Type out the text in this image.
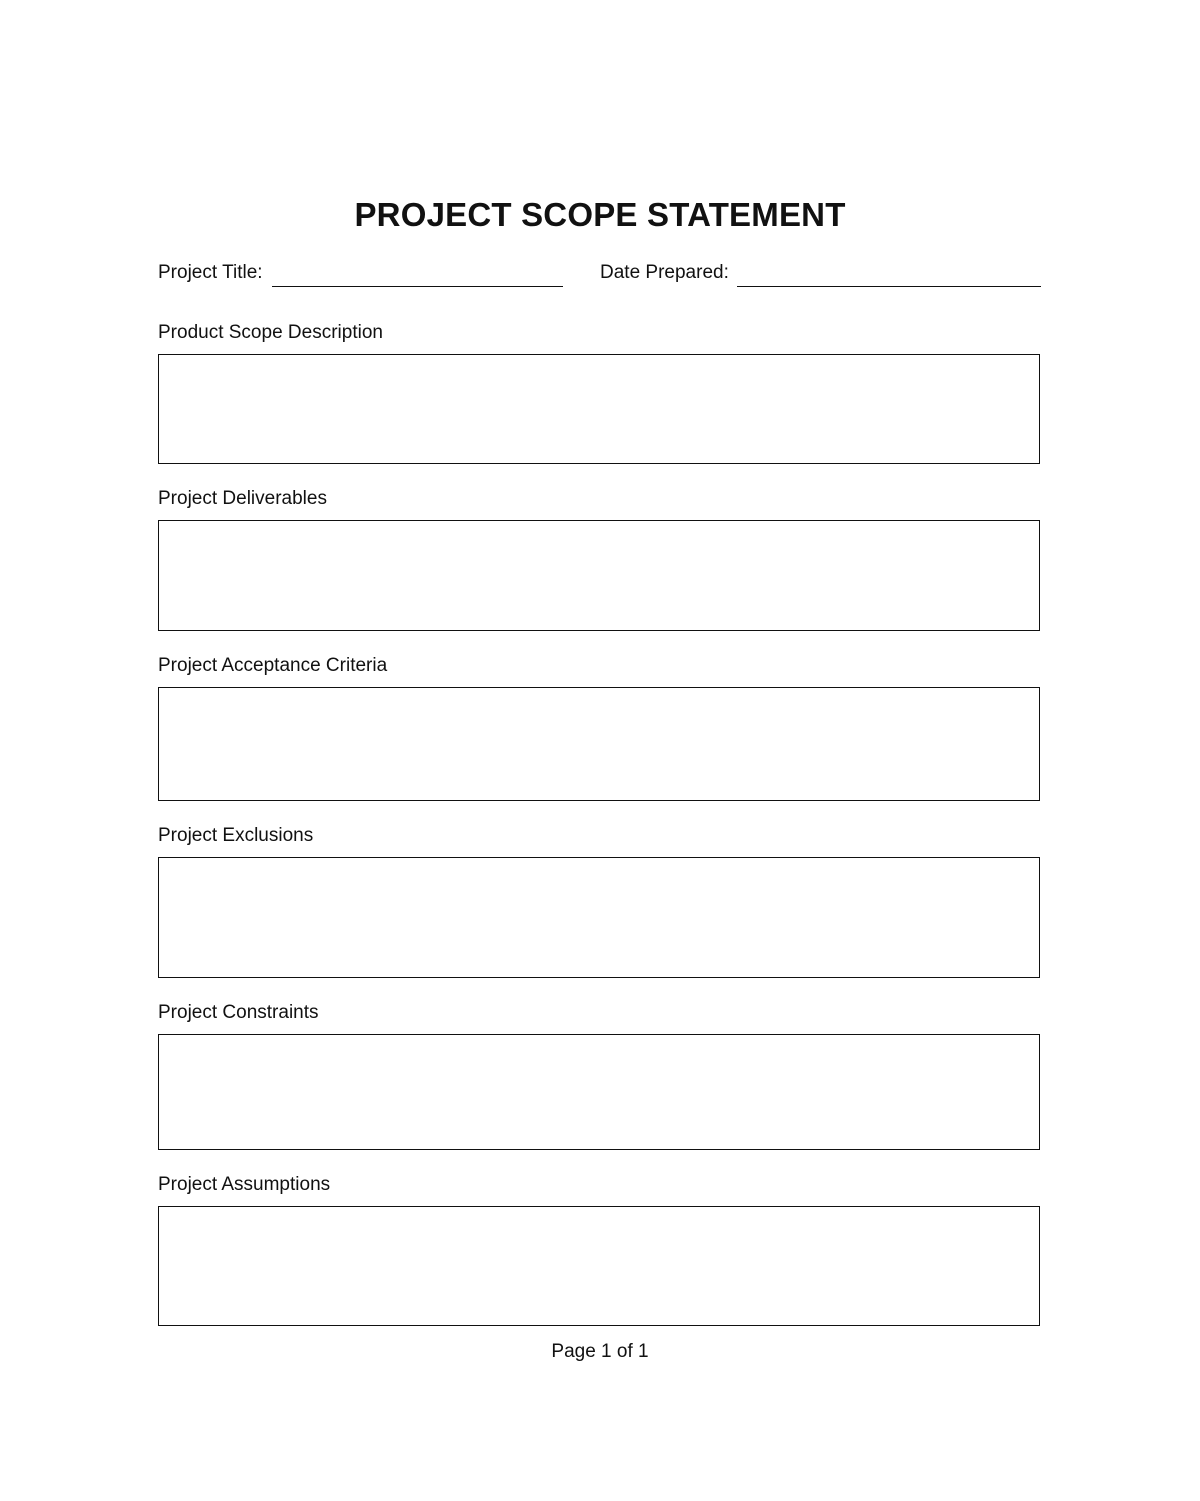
PROJECT SCOPE STATEMENT
Project Title:	Date Prepared:
Product Scope Description
Project Deliverables
Project Acceptance Criteria
Project Exclusions
Project Constraints
Project Assumptions
Page 1 of 1
